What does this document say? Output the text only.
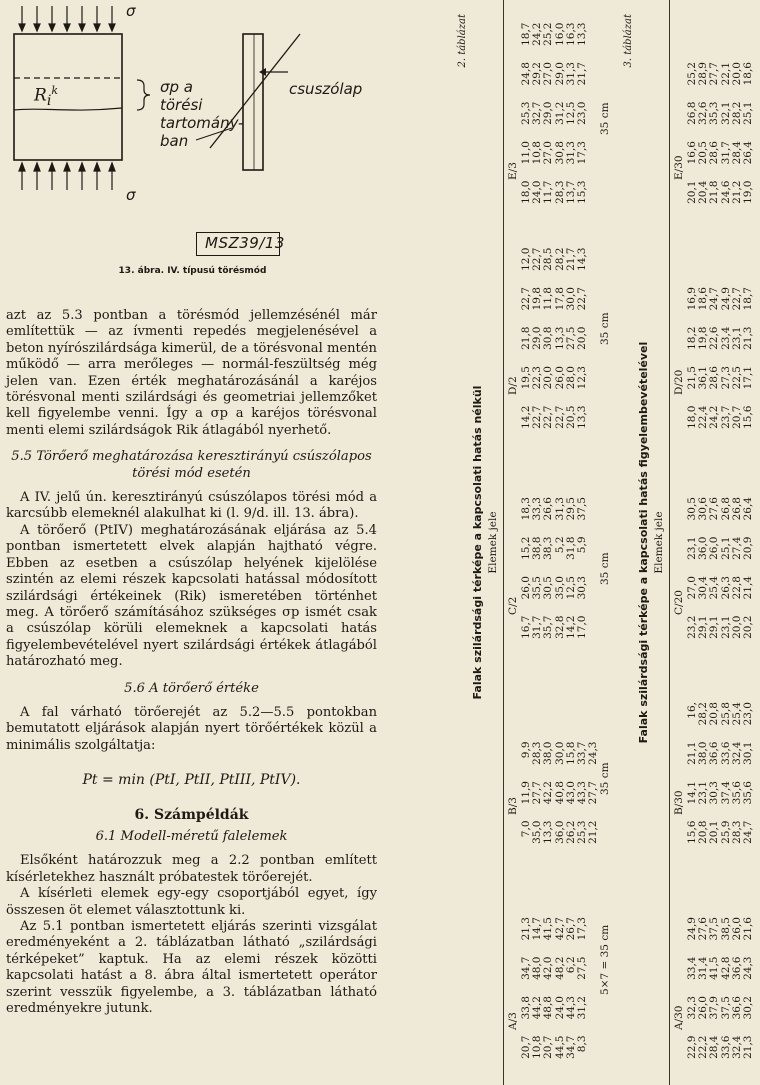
σ
σ
$R_i^k$	σp a
törési
tartomány-
ban
csuszólap
MSZ39/13
13. ábra. IV. típusú törésmód

azt az 5.3 pontban a törésmód jellemzésénél már említettük — az ívmenti repedés megjelenésével a beton nyírószilárdsága kimerül, de a törésvonal mentén működő — arra merőleges — normál-feszültség még jelen van. Ezen érték meghatározásánál a karéjos törésvonal menti szilárdsági és geometriai jellemzőket kell figyelembe venni. Így a σp a karéjos törésvonal menti elemi szilárdságok Rik átlagából nyerhető.

5.5 Törőerő meghatározása keresztirányú csúszólapos törési mód esetén

A IV. jelű ún. keresztirányú csúszólapos törési mód a karcsúbb elemeknél alakulhat ki (l. 9/d. ill. 13. ábra).

A törőerő (PtIV) meghatározásának eljárása az 5.4 pontban ismertetett elvek alapján hajtható végre. Ebben az esetben a csúszólap helyének kijelölése szintén az elemi részek kapcsolati hatással módosított szilárdsági értékeinek (Rik) ismeretében történhet meg. A törőerő számításához szükséges σp ismét csak a csúszólap körüli elemeknek a kapcsolati hatás figyelembevételével nyert szilárdsági értékek átlagából határozható meg.

5.6 A törőerő értéke

A fal várható törőerejét az 5.2—5.5 pontokban bemutatott eljárások alapján nyert törőértékek közül a minimális szolgáltatja:

Pt = min (PtI, PtII, PtIII, PtIV).

6. Számpéldák

6.1 Modell-méretű falelemek

Elsőként határozzuk meg a 2.2 pontban említett kísérletekhez használt próbatestek törőerejét.

A kísérleti elemek egy-egy csoportjából egyet, így összesen öt elemet választottunk ki.

Az 5.1 pontban ismertetett eljárás szerinti vizsgálat eredményeként a 2. táblázatban látható „szilárdsági térképeket” kaptuk. Ha az elemi részek közötti kapcsolati hatást a 8. ábra által ismertetett operátor szerint vesszük figyelembe, a 3. táblázatban látható eredményekre jutunk.

2. táblázat
Falak szilárdsági térképe a kapcsolati hatás nélkül Elemek jele
A/3
B/3
C/2
D/2
E/3
20,7
33,8
34,7
21,3
10,8
44,2
48,0
14,7
20,7
48,8
42,0
41,5
44,5
24,0
48,2
42,7
34,7
44,3
6,2
26,7
8,3
31,2
27,5
17,3
7,0
11,9
9,9
35,0
27,7
28,3
13,3
42,2
38,0
36,0
40,8
30,0
26,2
43,0
15,8
25,3
43,3
33,7
21,2
27,7
24,3
16,7
26,0
15,2
18,3
31,7
35,5
38,8
33,3
35,7
30,5
38,3
26,6
32,8
35,0
5,2
31,3
14,2
12,5
31,8
29,5
17,0
30,3
5,9
37,5
14,2
19,5
21,8
22,7
12,0
22,7
22,3
29,0
19,8
22,7
22,7
20,0
30,8
11,8
28,5
22,7
26,0
13,3
17,8
28,2
20,5
28,0
27,5
30,0
21,7
13,3
12,3
20,0
22,7
14,3
18,0
11,0
25,3
24,8
18,7
24,0
10,8
32,7
29,2
24,2
11,7
27,0
29,0
27,0
25,2
28,3
30,8
31,2
29,0
16,0
13,7
31,3
12,5
31,3
16,3
15,3
17,3
23,0
21,7
13,3
5×7 = 35 cm
35 cm
35 cm
35 cm
35 cm
3. táblázat
Falak szilárdsági térképe a kapcsolati hatás figyelembevételével Elemek jele
A/30
B/30
C/20
D/20
E/30
22,9
32,3
33,4
24,9
22,2
26,0
31,4
27,6
28,4
37,9
41,5
37,5
33,6
37,5
42,8
38,5
32,4
36,6
36,6
26,0
21,3
30,2
24,3
21,6
15,6
14,1
21,1
16,
20,8
23,1
38,0
28,2
20,1
30,3
36,6
20,8
25,9
37,4
33,6
25,8
28,3
35,6
32,4
25,4
24,7
35,6
30,1
23,0
23,2
27,0
23,1
30,5
29,1
30,4
36,0
30,6
29,1
25,4
26,0
27,6
23,1
26,3
25,1
26,8
20,0
22,8
27,4
26,8
20,2
21,4
20,9
26,4
18,0
21,5
18,2
16,9
22,4
36,1
19,8
18,6
24,2
28,6
22,6
24,7
23,7
27,3
23,4
24,9
20,7
22,5
23,1
22,7
15,6
17,1
21,3
18,7
20,1
16,6
26,8
25,2
20,4
20,5
32,6
28,9
21,8
28,6
35,3
27,7
24,6
31,7
32,1
22,1
21,2
28,4
28,2
20,0
19,0
26,4
25,1
18,6
